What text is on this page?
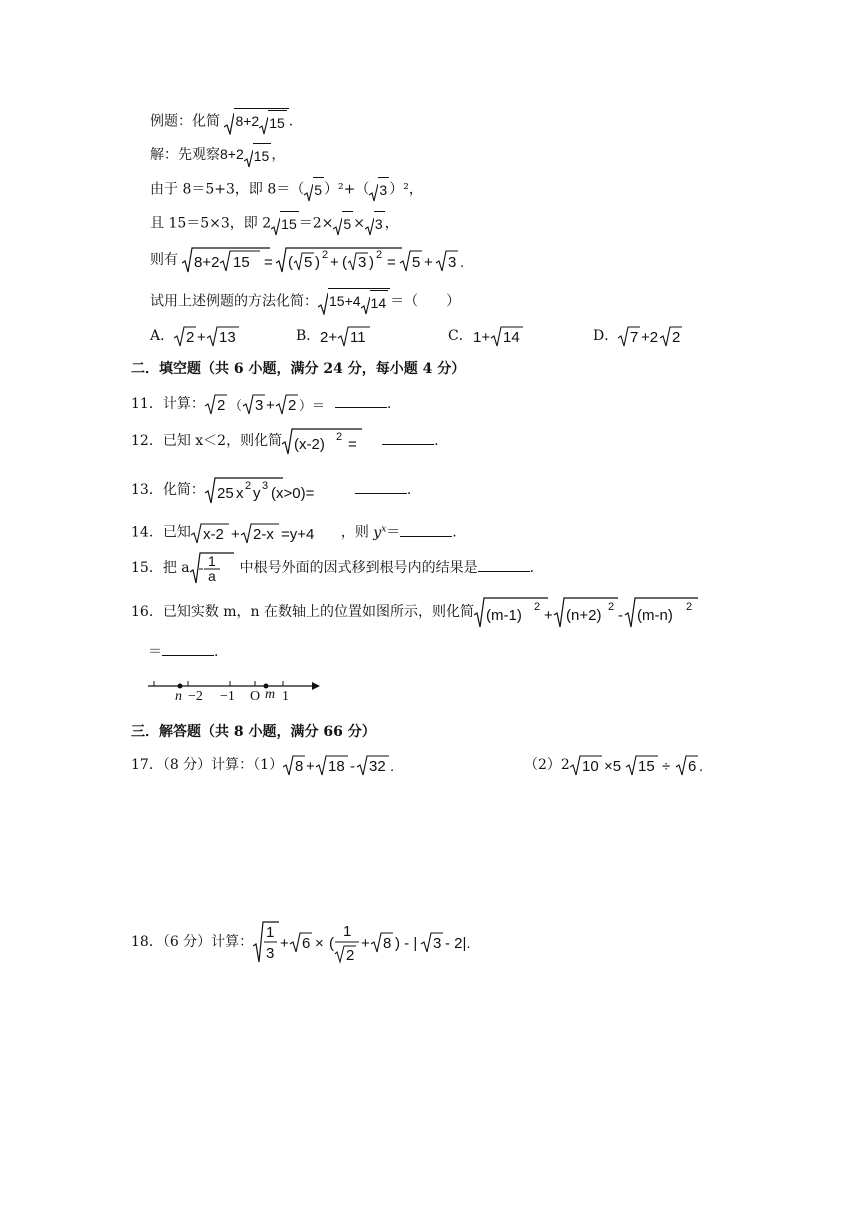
例题：化简 8+2 15 .
解：先观察8+2 15 ，
由于 8＝5+3，即 8＝（ 5 ）²+（ 3 ）²，
且 15＝5×3，即 2 15 ＝2× 5 × 3 ，
则有 8+2 15 = ( 5 ) 2 + ( 3 ) 2 = 5 + 3 .
试用上述例题的方法化简： 15+4 14 ＝（　　）
A． 2 + 13	B． 2+ 11	C． 1+ 14	D． 7 +2 2
二．填空题（共 6 小题，满分 24 分，每小题 4 分）
11．计算： 2 （ 3 + 2 ）＝	.
12．已知 x＜2，则化简 (x-2) 2 =	.
13．化简： 25 x 2 y 3 (x>0)=	.
14．已知 x-2 + 2-x =y+4 ，则 $y^x=$	.
15．把 a 1
a 中根号外面的因式移到根号内的结果是	.
16．已知实数 m，n 在数轴上的位置如图所示，则化简 (m-1) 2 + (n+2) 2 - (m-n) 2
＝	.
n −2 −1 O m 1
三．解答题（共 8 小题，满分 66 分）
17．（8 分）计算：（1） 8 + 18 - 32 .	（2）2 10 ×5 15 ÷ 6 .
18．（6 分）计算：
1
3
+ 6 × (
1
2
+ 8 ) - | 3 - 2|.
